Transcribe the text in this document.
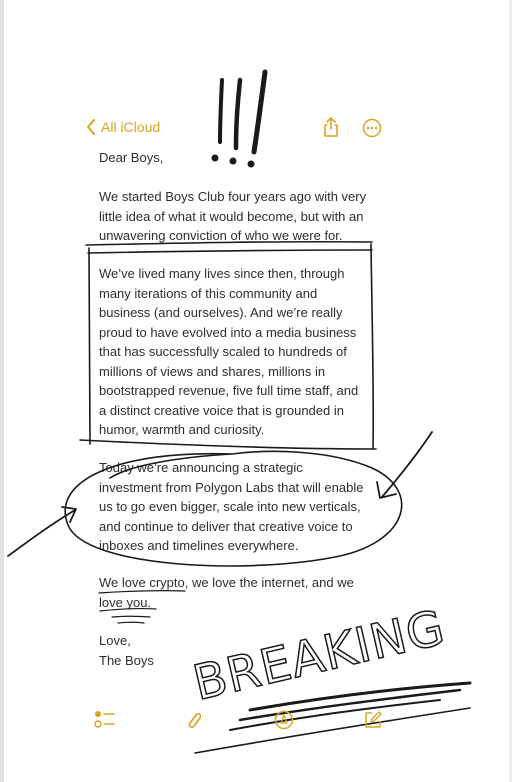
All iCloud

Dear Boys,

We started Boys Club four years ago with very
little idea of what it would become, but with an
unwavering conviction of who we were for.

We’ve lived many lives since then, through
many iterations of this community and
business (and ourselves). And we’re really
proud to have evolved into a media business
that has successfully scaled to hundreds of
millions of views and shares, millions in
bootstrapped revenue, five full time staff, and
a distinct creative voice that is grounded in
humor, warmth and curiosity.

Today we’re announcing a strategic
investment from Polygon Labs that will enable
us to go even bigger, scale into new verticals,
and continue to deliver that creative voice to
inboxes and timelines everywhere.

We love crypto, we love the internet, and we
love you.

Love,

The Boys BREAKING
